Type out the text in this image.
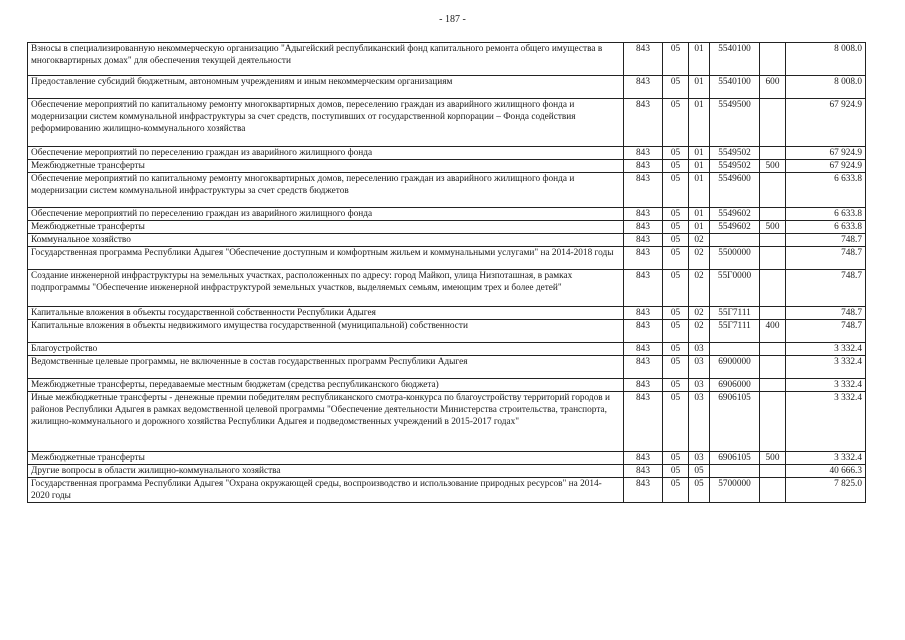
- 187 -
Взносы в специализированную некоммерческую организацию "Адыгейский республиканский фонд капитального ремонта общего имущества в многоквартирных домах" для обеспечения текущей деятельности	843	05	01	5540100		8 008.0
Предоставление субсидий бюджетным, автономным учреждениям и иным некоммерческим организациям	843	05	01	5540100	600	8 008.0
Обеспечение мероприятий по капитальному ремонту многоквартирных домов, переселению граждан из аварийного жилищного фонда и модернизации систем коммунальной инфраструктуры за счет средств, поступивших от государственной корпорации – Фонда содействия реформированию жилищно-коммунального хозяйства	843	05	01	5549500		67 924.9
Обеспечение мероприятий по переселению граждан из аварийного жилищного фонда	843	05	01	5549502		67 924.9
Межбюджетные трансферты	843	05	01	5549502	500	67 924.9
Обеспечение мероприятий по капитальному ремонту многоквартирных домов, переселению граждан из аварийного жилищного фонда и модернизации систем коммунальной инфраструктуры за счет средств бюджетов	843	05	01	5549600		6 633.8
Обеспечение мероприятий по переселению граждан из аварийного жилищного фонда	843	05	01	5549602		6 633.8
Межбюджетные трансферты	843	05	01	5549602	500	6 633.8
Коммунальное хозяйство	843	05	02			748.7
Государственная программа Республики Адыгея "Обеспечение доступным и комфортным жильем и коммунальными услугами" на 2014-2018 годы	843	05	02	5500000		748.7
Создание инженерной инфраструктуры на земельных участках, расположенных по адресу: город Майкоп, улица Низпоташная, в рамках подпрограммы "Обеспечение инженерной инфраструктурой земельных участков, выделяемых семьям, имеющим трех и более детей"	843	05	02	55Г0000		748.7
Капитальные вложения в объекты государственной собственности Республики Адыгея	843	05	02	55Г7111		748.7
Капитальные вложения в объекты недвижимого имущества государственной (муниципальной) собственности	843	05	02	55Г7111	400	748.7
Благоустройство	843	05	03			3 332.4
Ведомственные целевые программы, не включенные в состав государственных программ Республики Адыгея	843	05	03	6900000		3 332.4
Межбюджетные трансферты, передаваемые местным бюджетам (средства республиканского бюджета)	843	05	03	6906000		3 332.4
Иные межбюджетные трансферты - денежные премии победителям республиканского смотра-конкурса по благоустройству территорий городов и районов Республики Адыгея в рамках ведомственной целевой программы "Обеспечение деятельности Министерства строительства, транспорта, жилищно-коммунального и дорожного хозяйства Республики Адыгея и подведомственных учреждений в 2015-2017 годах"	843	05	03	6906105		3 332.4
Межбюджетные трансферты	843	05	03	6906105	500	3 332.4
Другие вопросы в области жилищно-коммунального хозяйства	843	05	05			40 666.3
Государственная программа Республики Адыгея "Охрана окружающей среды, воспроизводство и использование природных ресурсов" на 2014-2020 годы	843	05	05	5700000		7 825.0
